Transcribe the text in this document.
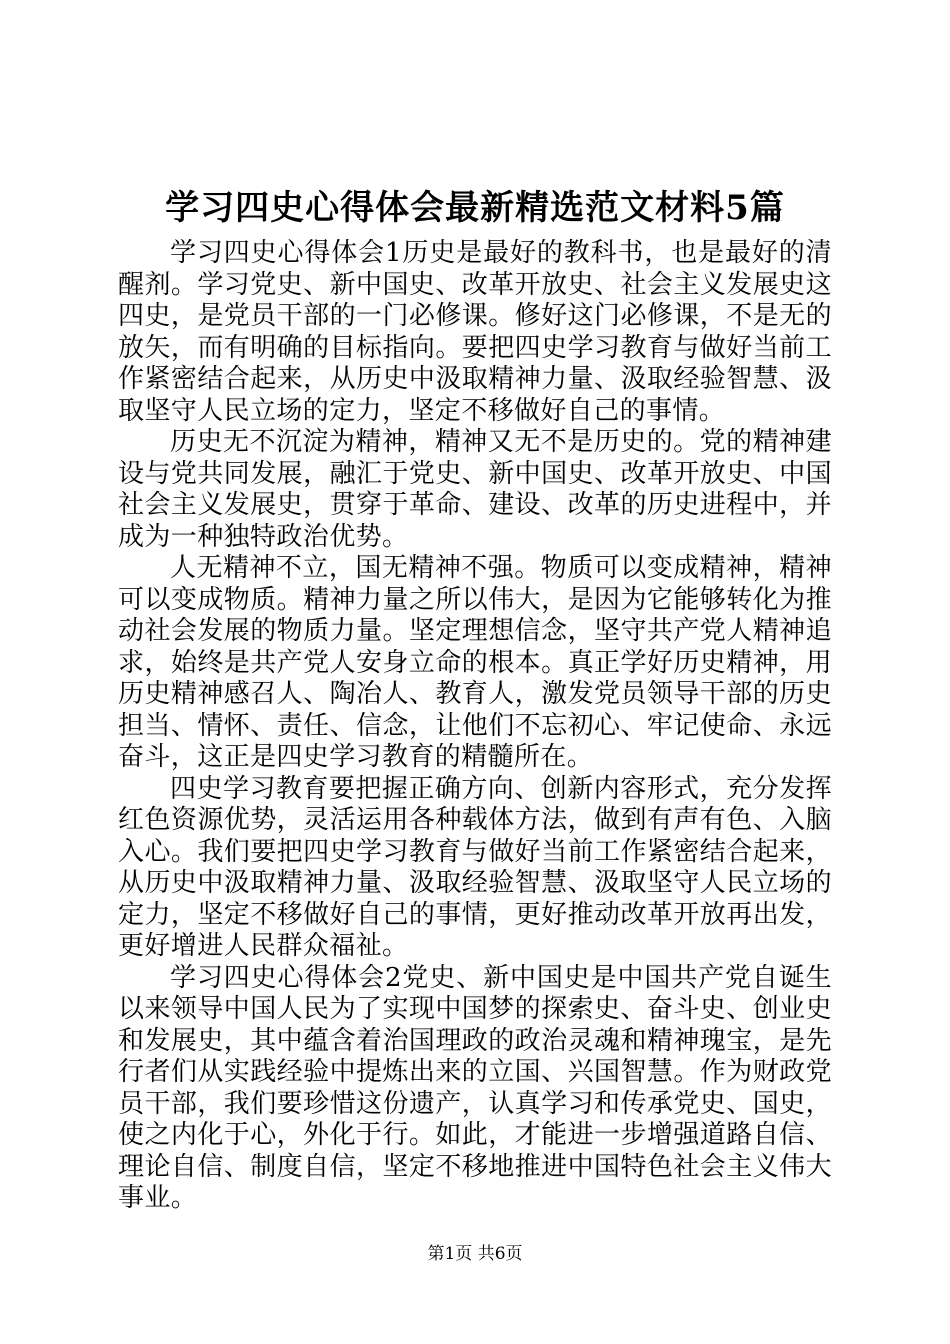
学习四史心得体会最新精选范文材料5篇

学习四史心得体会1历史是最好的教科书，也是最好的清醒剂。学习党史、新中国史、改革开放史、社会主义发展史这四史，是党员干部的一门必修课。修好这门必修课，不是无的放矢，而有明确的目标指向。要把四史学习教育与做好当前工作紧密结合起来，从历史中汲取精神力量、汲取经验智慧、汲取坚守人民立场的定力，坚定不移做好自己的事情。

历史无不沉淀为精神，精神又无不是历史的。党的精神建设与党共同发展，融汇于党史、新中国史、改革开放史、中国社会主义发展史，贯穿于革命、建设、改革的历史进程中，并成为一种独特政治优势。

人无精神不立，国无精神不强。物质可以变成精神，精神可以变成物质。精神力量之所以伟大，是因为它能够转化为推动社会发展的物质力量。坚定理想信念，坚守共产党人精神追求，始终是共产党人安身立命的根本。真正学好历史精神，用历史精神感召人、陶冶人、教育人，激发党员领导干部的历史担当、情怀、责任、信念，让他们不忘初心、牢记使命、永远奋斗，这正是四史学习教育的精髓所在。

四史学习教育要把握正确方向、创新内容形式，充分发挥红色资源优势，灵活运用各种载体方法，做到有声有色、入脑入心。我们要把四史学习教育与做好当前工作紧密结合起来，从历史中汲取精神力量、汲取经验智慧、汲取坚守人民立场的定力，坚定不移做好自己的事情，更好推动改革开放再出发，更好增进人民群众福祉。

学习四史心得体会2党史、新中国史是中国共产党自诞生以来领导中国人民为了实现中国梦的探索史、奋斗史、创业史和发展史，其中蕴含着治国理政的政治灵魂和精神瑰宝，是先行者们从实践经验中提炼出来的立国、兴国智慧。作为财政党员干部，我们要珍惜这份遗产，认真学习和传承党史、国史，使之内化于心，外化于行。如此，才能进一步增强道路自信、理论自信、制度自信，坚定不移地推进中国特色社会主义伟大事业。

第1页 共6页
